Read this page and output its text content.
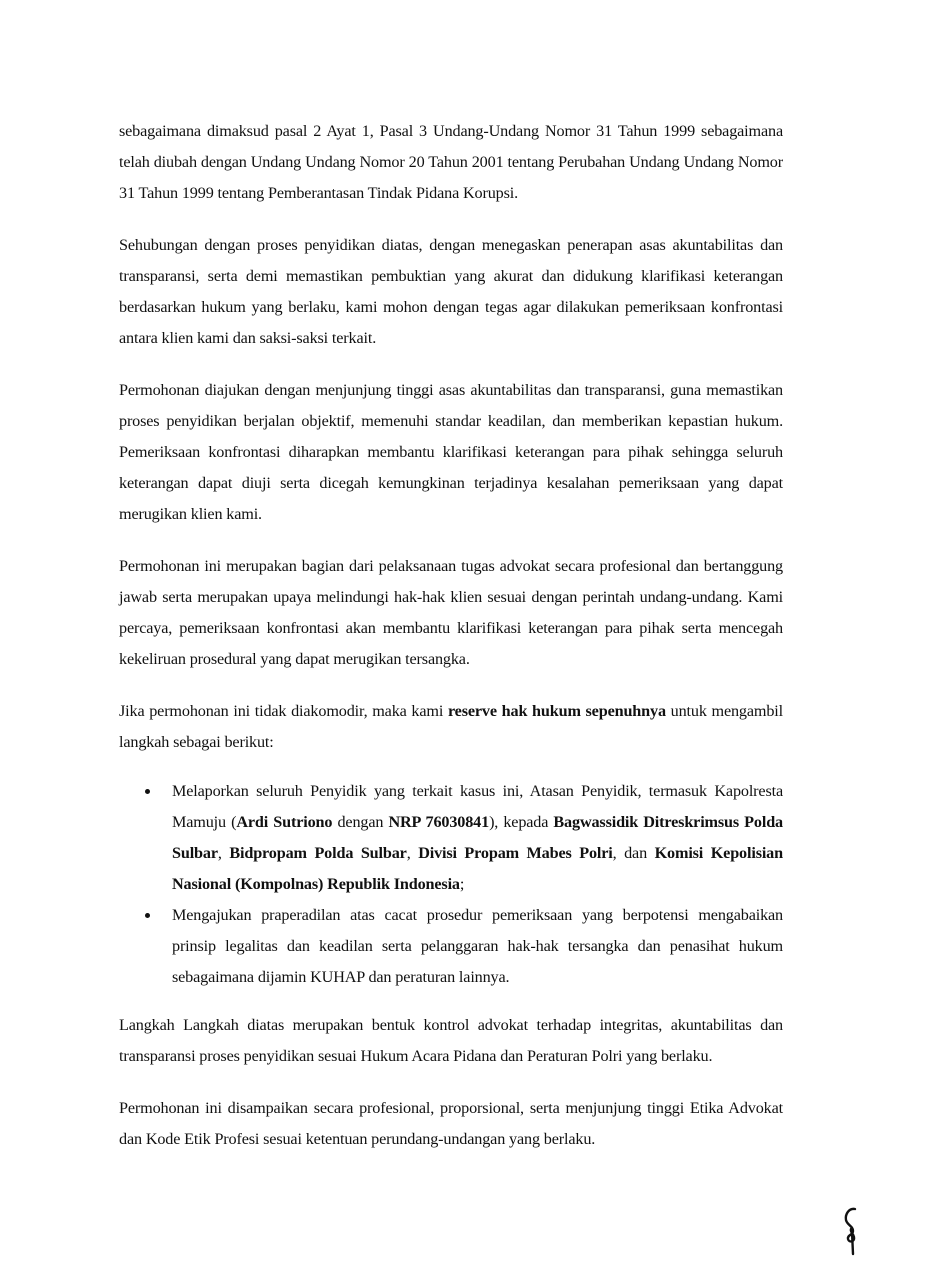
sebagaimana dimaksud pasal 2 Ayat 1, Pasal 3 Undang-Undang Nomor 31 Tahun 1999 sebagaimana telah diubah dengan Undang Undang Nomor 20 Tahun 2001 tentang Perubahan Undang Undang Nomor 31 Tahun 1999 tentang Pemberantasan Tindak Pidana Korupsi.

Sehubungan dengan proses penyidikan diatas, dengan menegaskan penerapan asas akuntabilitas dan transparansi, serta demi memastikan pembuktian yang akurat dan didukung klarifikasi keterangan berdasarkan hukum yang berlaku, kami mohon dengan tegas agar dilakukan pemeriksaan konfrontasi antara klien kami dan saksi-saksi terkait.

Permohonan diajukan dengan menjunjung tinggi asas akuntabilitas dan transparansi, guna memastikan proses penyidikan berjalan objektif, memenuhi standar keadilan, dan memberikan kepastian hukum. Pemeriksaan konfrontasi diharapkan membantu klarifikasi keterangan para pihak sehingga seluruh keterangan dapat diuji serta dicegah kemungkinan terjadinya kesalahan pemeriksaan yang dapat merugikan klien kami.

Permohonan ini merupakan bagian dari pelaksanaan tugas advokat secara profesional dan bertanggung jawab serta merupakan upaya melindungi hak-hak klien sesuai dengan perintah undang-undang. Kami percaya, pemeriksaan konfrontasi akan membantu klarifikasi keterangan para pihak serta mencegah kekeliruan prosedural yang dapat merugikan tersangka.

Jika permohonan ini tidak diakomodir, maka kami reserve hak hukum sepenuhnya untuk mengambil langkah sebagai berikut:

Melaporkan seluruh Penyidik yang terkait kasus ini, Atasan Penyidik, termasuk Kapolresta Mamuju (Ardi Sutriono dengan NRP 76030841), kepada Bagwassidik Ditreskrimsus Polda Sulbar, Bidpropam Polda Sulbar, Divisi Propam Mabes Polri, dan Komisi Kepolisian Nasional (Kompolnas) Republik Indonesia;
Mengajukan praperadilan atas cacat prosedur pemeriksaan yang berpotensi mengabaikan prinsip legalitas dan keadilan serta pelanggaran hak-hak tersangka dan penasihat hukum sebagaimana dijamin KUHAP dan peraturan lainnya.

Langkah Langkah diatas merupakan bentuk kontrol advokat terhadap integritas, akuntabilitas dan transparansi proses penyidikan sesuai Hukum Acara Pidana dan Peraturan Polri yang berlaku.

Permohonan ini disampaikan secara profesional, proporsional, serta menjunjung tinggi Etika Advokat dan Kode Etik Profesi sesuai ketentuan perundang-undangan yang berlaku.
